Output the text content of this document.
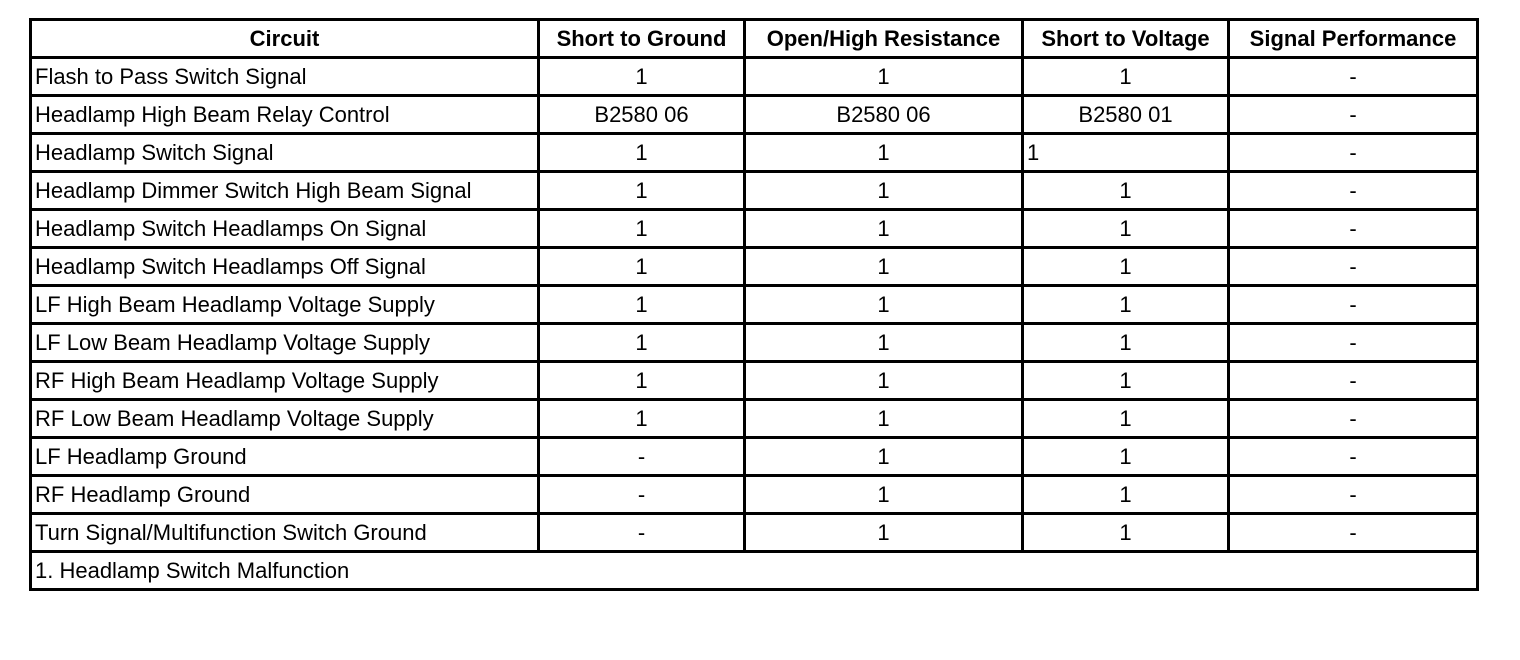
Circuit	Short to Ground	Open/High Resistance	Short to Voltage	Signal Performance
Flash to Pass Switch Signal	1	1	1	-
Headlamp High Beam Relay Control	B2580 06	B2580 06	B2580 01	-
Headlamp Switch Signal	1	1	1	-
Headlamp Dimmer Switch High Beam Signal	1	1	1	-
Headlamp Switch Headlamps On Signal	1	1	1	-
Headlamp Switch Headlamps Off Signal	1	1	1	-
LF High Beam Headlamp Voltage Supply	1	1	1	-
LF Low Beam Headlamp Voltage Supply	1	1	1	-
RF High Beam Headlamp Voltage Supply	1	1	1	-
RF Low Beam Headlamp Voltage Supply	1	1	1	-
LF Headlamp Ground	-	1	1	-
RF Headlamp Ground	-	1	1	-
Turn Signal/Multifunction Switch Ground	-	1	1	-
1. Headlamp Switch Malfunction				
